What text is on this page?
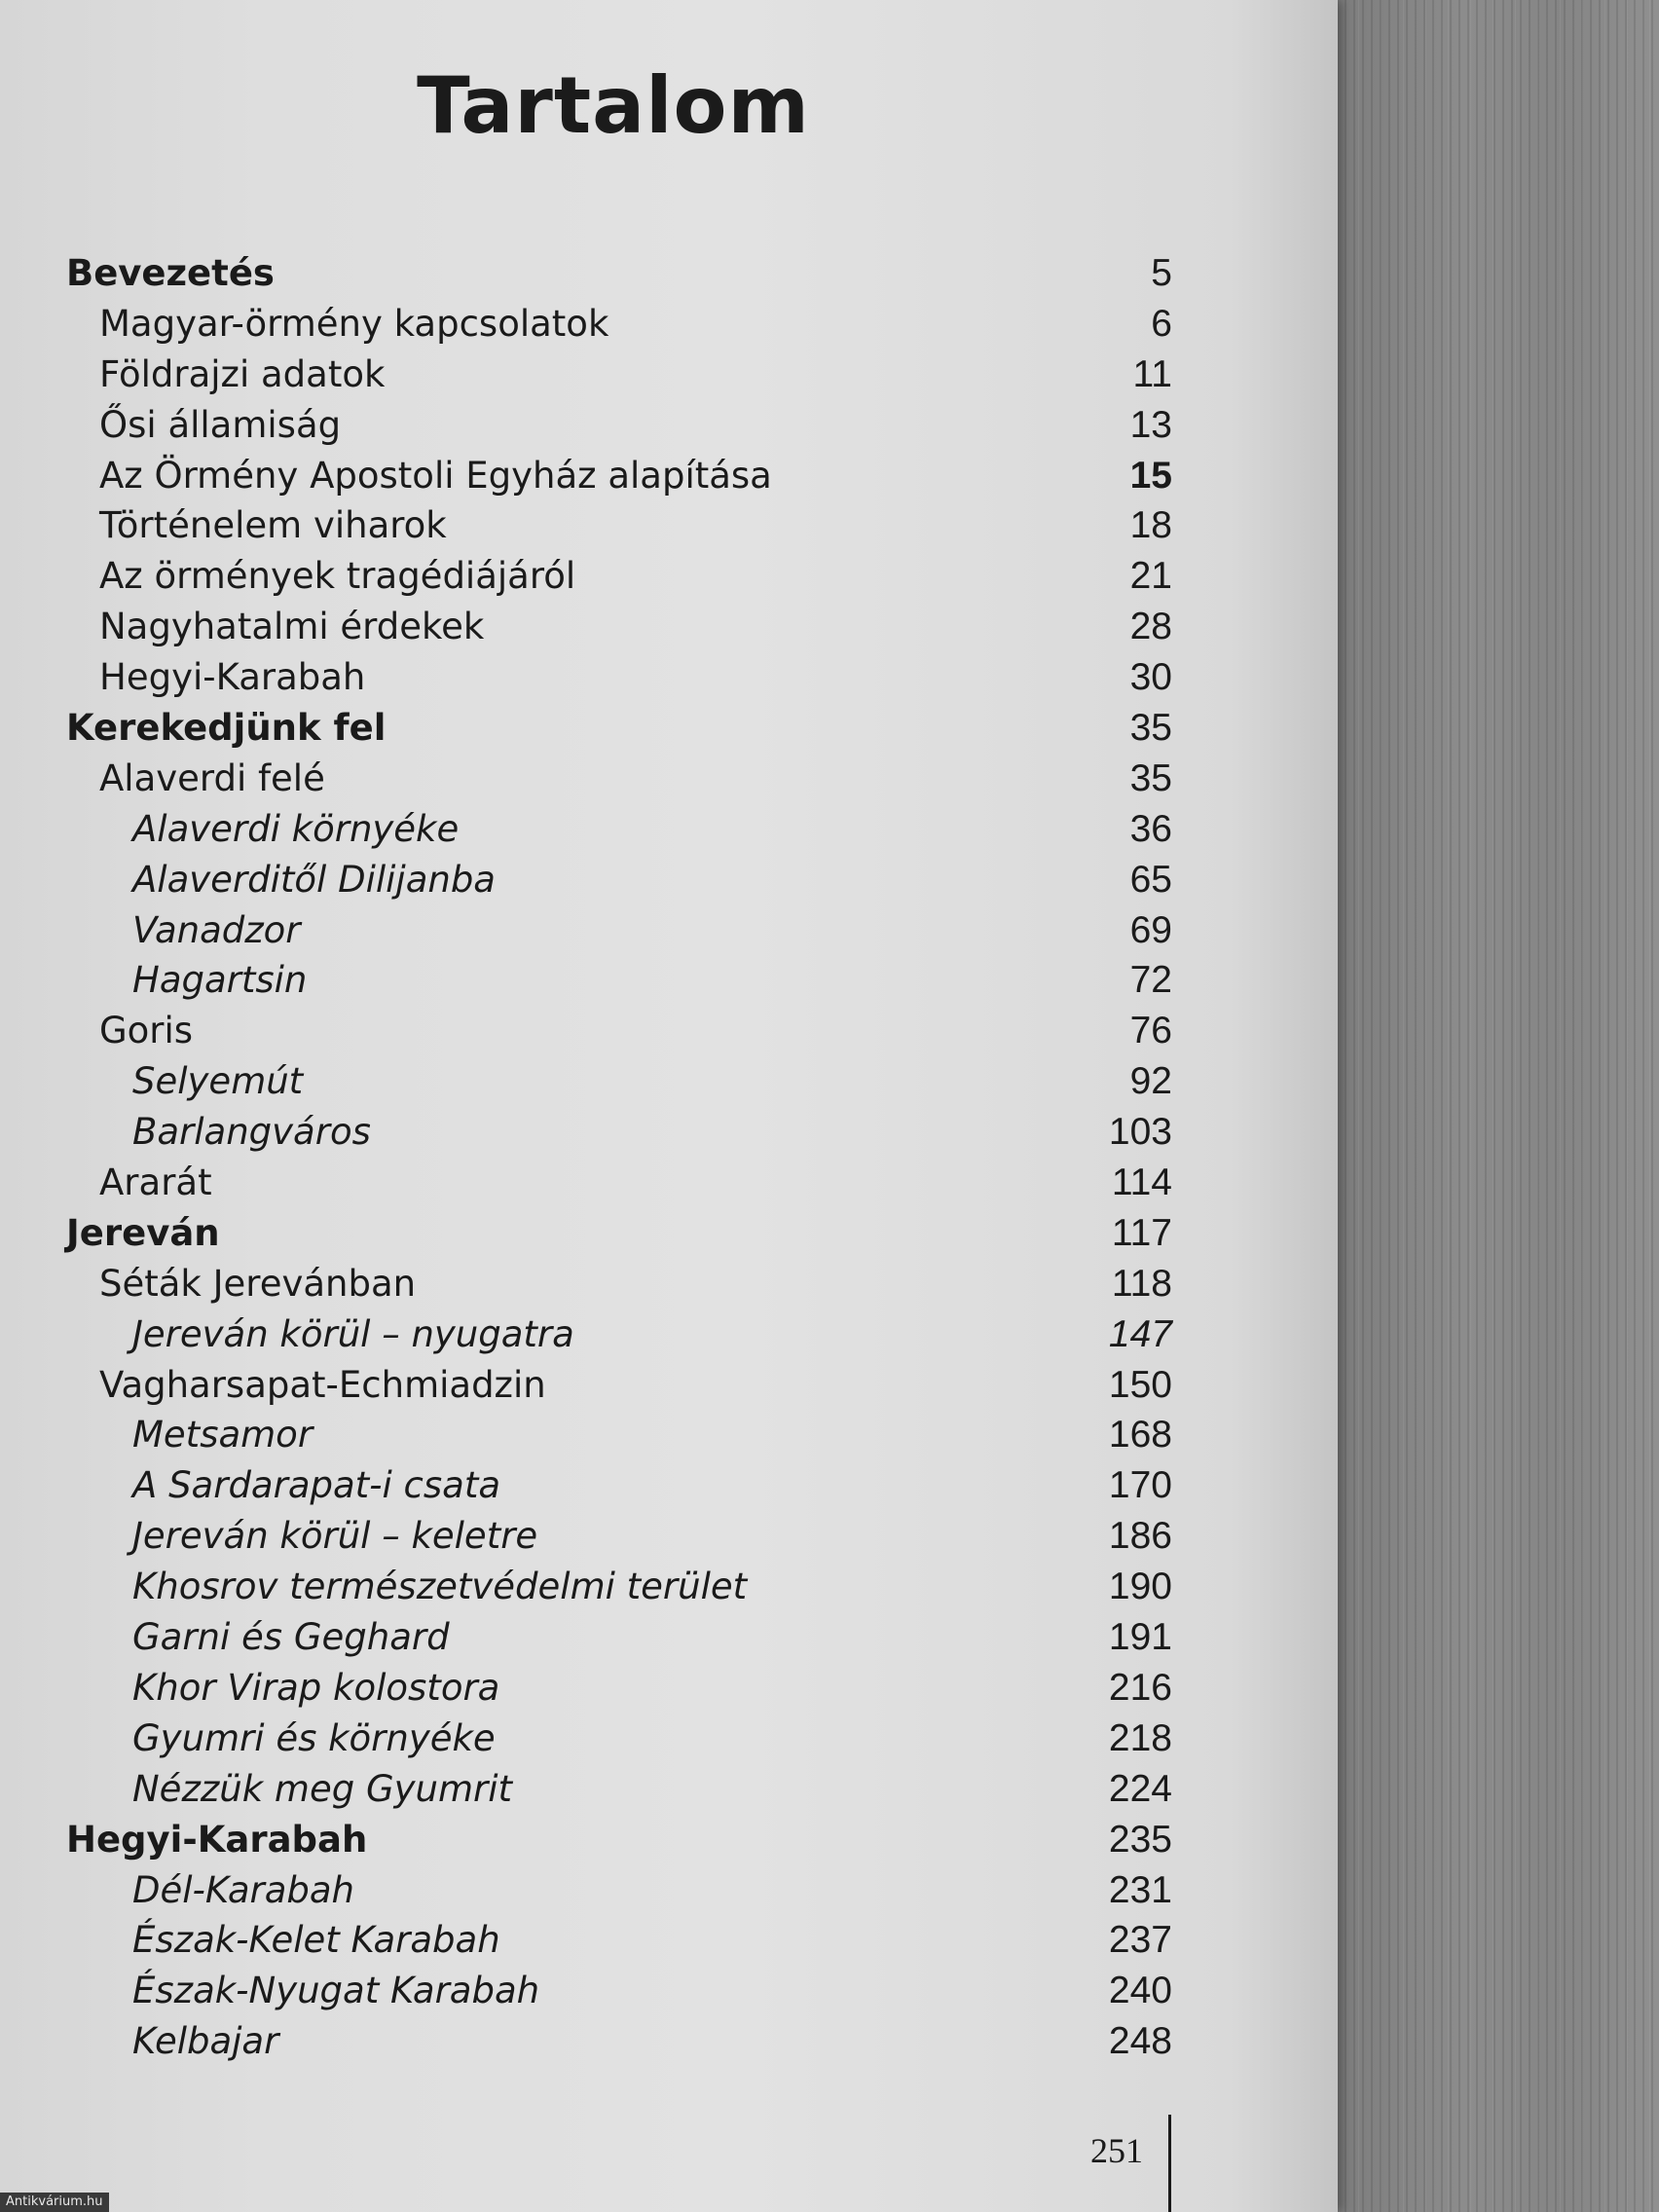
Tartalom
Bevezetés	5
Magyar-örmény kapcsolatok	6
Földrajzi adatok	11
Ősi államiság	13
Az Örmény Apostoli Egyház alapítása	15
Történelem viharok	18
Az örmények tragédiájáról	21
Nagyhatalmi érdekek	28
Hegyi-Karabah	30
Kerekedjünk fel	35
Alaverdi felé	35
Alaverdi környéke	36
Alaverditől Dilijanba	65
Vanadzor	69
Hagartsin	72
Goris	76
Selyemút	92
Barlangváros	103
Ararát	114
Jereván	117
Séták Jerevánban	118
Jereván körül – nyugatra	147
Vagharsapat-Echmiadzin	150
Metsamor	168
A Sardarapat-i csata	170
Jereván körül – keletre	186
Khosrov természetvédelmi terület	190
Garni és Geghard	191
Khor Virap kolostora	216
Gyumri és környéke	218
Nézzük meg Gyumrit	224
Hegyi-Karabah	235
Dél-Karabah	231
Észak-Kelet Karabah	237
Észak-Nyugat Karabah	240
Kelbajar	248
251
Antikvárium.hu
